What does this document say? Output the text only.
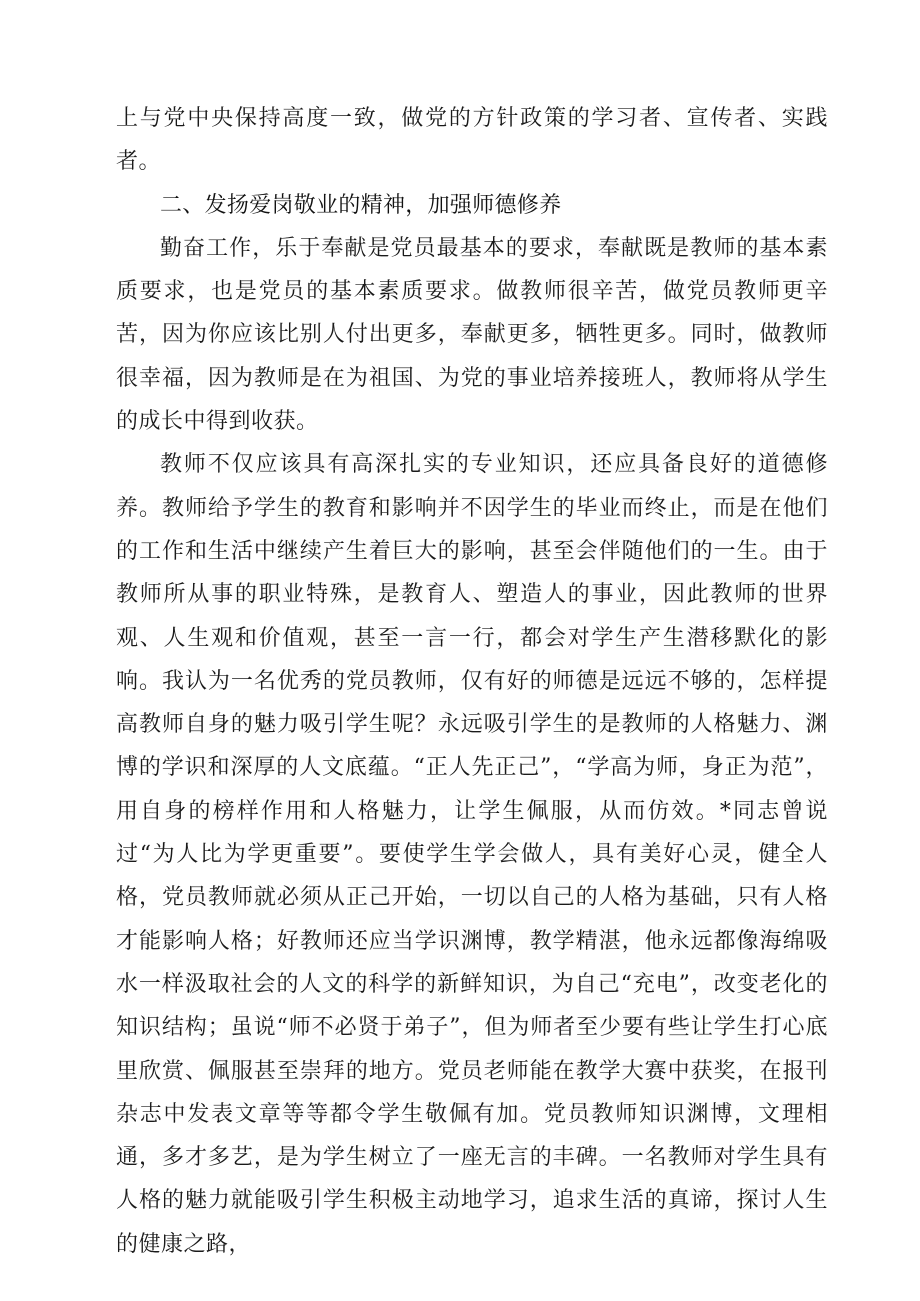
上与党中央保持高度一致，做党的方针政策的学习者、宣传者、实践者。

二、发扬爱岗敬业的精神，加强师德修养

勤奋工作，乐于奉献是党员最基本的要求，奉献既是教师的基本素质要求，也是党员的基本素质要求。做教师很辛苦，做党员教师更辛苦，因为你应该比别人付出更多，奉献更多，牺牲更多。同时，做教师很幸福，因为教师是在为祖国、为党的事业培养接班人，教师将从学生的成长中得到收获。

教师不仅应该具有高深扎实的专业知识，还应具备良好的道德修养。教师给予学生的教育和影响并不因学生的毕业而终止，而是在他们的工作和生活中继续产生着巨大的影响，甚至会伴随他们的一生。由于教师所从事的职业特殊，是教育人、塑造人的事业，因此教师的世界观、人生观和价值观，甚至一言一行，都会对学生产生潜移默化的影响。我认为一名优秀的党员教师，仅有好的师德是远远不够的，怎样提高教师自身的魅力吸引学生呢？永远吸引学生的是教师的人格魅力、渊博的学识和深厚的人文底蕴。“正人先正己”，“学高为师，身正为范”，用自身的榜样作用和人格魅力，让学生佩服，从而仿效。*同志曾说过“为人比为学更重要”。要使学生学会做人，具有美好心灵，健全人格，党员教师就必须从正己开始，一切以自己的人格为基础，只有人格才能影响人格；好教师还应当学识渊博，教学精湛，他永远都像海绵吸水一样汲取社会的人文的科学的新鲜知识，为自己“充电”，改变老化的知识结构；虽说“师不必贤于弟子”，但为师者至少要有些让学生打心底里欣赏、佩服甚至崇拜的地方。党员老师能在教学大赛中获奖，在报刊杂志中发表文章等等都令学生敬佩有加。党员教师知识渊博，文理相通，多才多艺，是为学生树立了一座无言的丰碑。一名教师对学生具有人格的魅力就能吸引学生积极主动地学习，追求生活的真谛，探讨人生的健康之路，
